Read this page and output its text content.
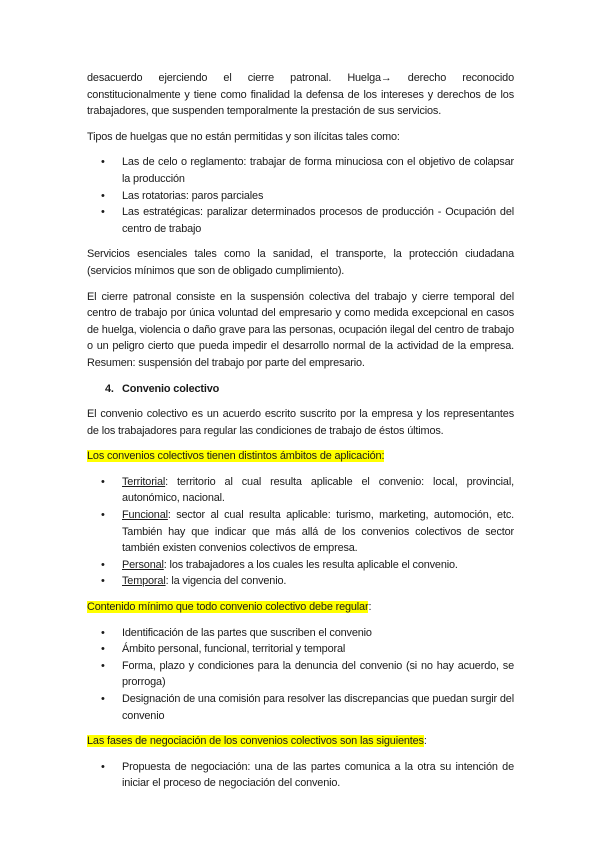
desacuerdo ejerciendo el cierre patronal. Huelga→ derecho reconocido constitucionalmente y tiene como finalidad la defensa de los intereses y derechos de los trabajadores, que suspenden temporalmente la prestación de sus servicios.

Tipos de huelgas que no están permitidas y son ilícitas tales como:

• Las de celo o reglamento: trabajar de forma minuciosa con el objetivo de colapsar la producción
• Las rotatorias: paros parciales
• Las estratégicas: paralizar determinados procesos de producción - Ocupación del centro de trabajo

Servicios esenciales tales como la sanidad, el transporte, la protección ciudadana (servicios mínimos que son de obligado cumplimiento).

El cierre patronal consiste en la suspensión colectiva del trabajo y cierre temporal del centro de trabajo por única voluntad del empresario y como medida excepcional en casos de huelga, violencia o daño grave para las personas, ocupación ilegal del centro de trabajo o un peligro cierto que pueda impedir el desarrollo normal de la actividad de la empresa. Resumen: suspensión del trabajo por parte del empresario.

4. Convenio colectivo

El convenio colectivo es un acuerdo escrito suscrito por la empresa y los representantes de los trabajadores para regular las condiciones de trabajo de éstos últimos.

Los convenios colectivos tienen distintos ámbitos de aplicación:

• Territorial: territorio al cual resulta aplicable el convenio: local, provincial, autonómico, nacional.
• Funcional: sector al cual resulta aplicable: turismo, marketing, automoción, etc. También hay que indicar que más allá de los convenios colectivos de sector también existen convenios colectivos de empresa.
• Personal: los trabajadores a los cuales les resulta aplicable el convenio.
• Temporal: la vigencia del convenio.

Contenido mínimo que todo convenio colectivo debe regular:

• Identificación de las partes que suscriben el convenio
• Ámbito personal, funcional, territorial y temporal
• Forma, plazo y condiciones para la denuncia del convenio (si no hay acuerdo, se prorroga)
• Designación de una comisión para resolver las discrepancias que puedan surgir del convenio

Las fases de negociación de los convenios colectivos son las siguientes:

• Propuesta de negociación: una de las partes comunica a la otra su intención de iniciar el proceso de negociación del convenio.
